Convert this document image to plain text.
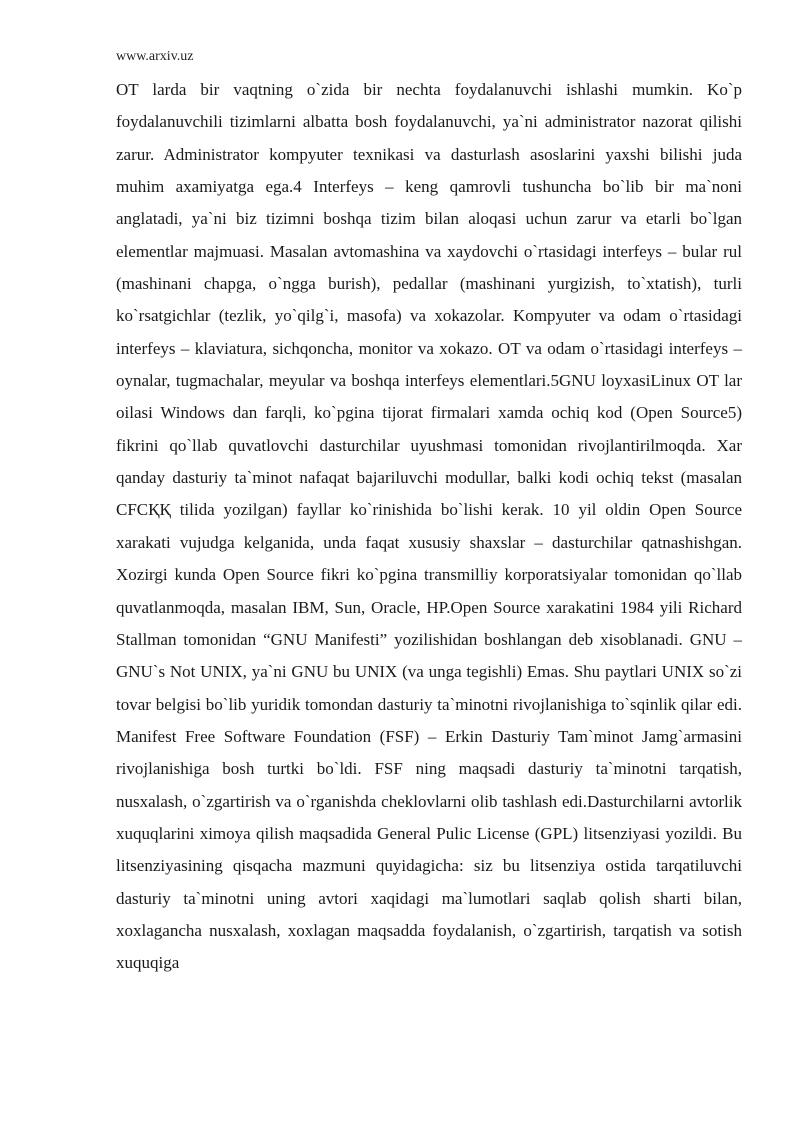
www.arxiv.uz

OT larda bir vaqtning o`zida bir nechta foydalanuvchi ishlashi mumkin. Ko`p foydalanuvchili tizimlarni albatta bosh foydalanuvchi, ya`ni administrator nazorat qilishi zarur. Administrator kompyuter texnikasi va dasturlash asoslarini yaxshi bilishi juda muhim axamiyatga ega.4 Interfeys – keng qamrovli tushuncha bo`lib bir ma`noni anglatadi, ya`ni biz tizimni boshqa tizim bilan aloqasi uchun zarur va etarli bo`lgan elementlar majmuasi. Masalan avtomashina va xaydovchi o`rtasidagi interfeys – bular rul (mashinani chapga, o`ngga burish), pedallar (mashinani yurgizish, to`xtatish), turli ko`rsatgichlar (tezlik, yo`qilg`i, masofa) va xokazolar. Kompyuter va odam o`rtasidagi interfeys – klaviatura, sichqoncha, monitor va xokazo. OT va odam o`rtasidagi interfeys – oynalar, tugmachalar, meyular va boshqa interfeys elementlari.5GNU loyxasiLinux OT lar oilasi Windows dan farqli, ko`pgina tijorat firmalari xamda ochiq kod (Open Source5) fikrini qo`llab quvatlovchi dasturchilar uyushmasi tomonidan rivojlantirilmoqda. Xar qanday dasturiy ta`minot nafaqat bajariluvchi modullar, balki kodi ochiq tekst (masalan CFСҚҚ tilida yozilgan) fayllar ko`rinishida bo`lishi kerak. 10 yil oldin Open Source xarakati vujudga kelganida, unda faqat xususiy shaxslar – dasturchilar qatnashishgan. Xozirgi kunda Open Source fikri ko`pgina transmilliy korporatsiyalar tomonidan qo`llab quvatlanmoqda, masalan IBM, Sun, Oracle, HP.Open Source xarakatini 1984 yili Richard Stallman tomonidan “GNU Manifesti” yozilishidan boshlangan deb xisoblanadi. GNU – GNU`s Not UNIX, ya`ni GNU bu UNIX (va unga tegishli) Emas. Shu paytlari UNIX so`zi tovar belgisi bo`lib yuridik tomondan dasturiy ta`minotni rivojlanishiga to`sqinlik qilar edi. Manifest Free Software Foundation (FSF) – Erkin Dasturiy Tam`minot Jamg`armasini rivojlanishiga bosh turtki bo`ldi. FSF ning maqsadi dasturiy ta`minotni tarqatish, nusxalash, o`zgartirish va o`rganishda cheklovlarni olib tashlash edi.Dasturchilarni avtorlik xuquqlarini ximoya qilish maqsadida General Pulic License (GPL) litsenziyasi yozildi. Bu litsenziyasining qisqacha mazmuni quyidagicha: siz bu litsenziya ostida tarqatiluvchi dasturiy ta`minotni uning avtori xaqidagi ma`lumotlari saqlab qolish sharti bilan, xoxlagancha nusxalash, xoxlagan maqsadda foydalanish, o`zgartirish, tarqatish va sotish xuquqiga
